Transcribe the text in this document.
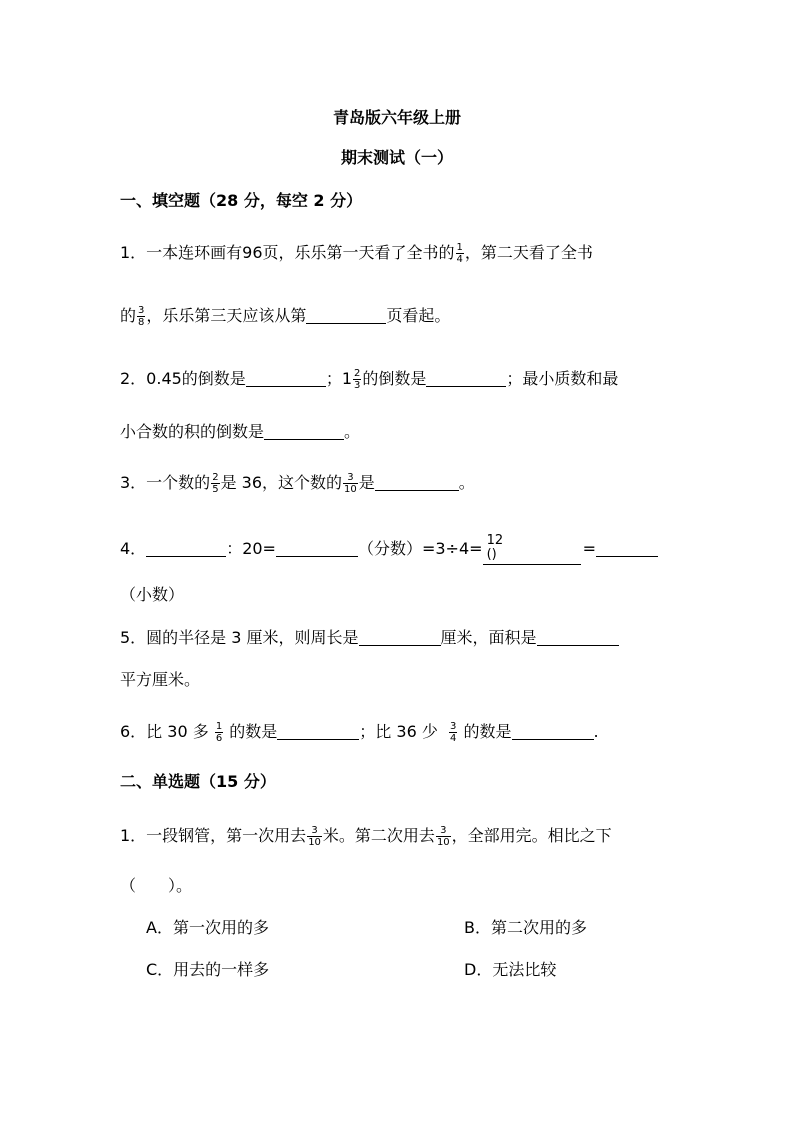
青岛版六年级上册
期末测试（一）
一、填空题（28 分，每空 2 分）
1．一本连环画有96页，乐乐第一天看了全书的 $\frac{1}{4}$ ，第二天看了全书
的 $\frac{3}{8}$ ，乐乐第三天应该从第	页看起。
2．0.45的倒数是	；$1 \frac{2}{3}$ 的倒数是	；最小质数和最
小合数的积的倒数是	。
3．一个数的 $\frac{2}{5}$ 是 36，这个数的 $\frac{3}{10}$ 是	。
4．	：20=	（分数）=3÷4= 12
()	=
（小数）
5．圆的半径是 3 厘米，则周长是	厘米，面积是
平方厘米。
6．比 30 多 $\frac{1}{6}$ 的数是	；比 36 少 $\frac{3}{4}$ 的数是	.
二、单选题（15 分）
1．一段钢管，第一次用去 $\frac{3}{10}$ 米。第二次用去 $\frac{3}{10}$ ，全部用完。相比之下
（　　）。
A．第一次用的多	B．第二次用的多
C．用去的一样多	D．无法比较
